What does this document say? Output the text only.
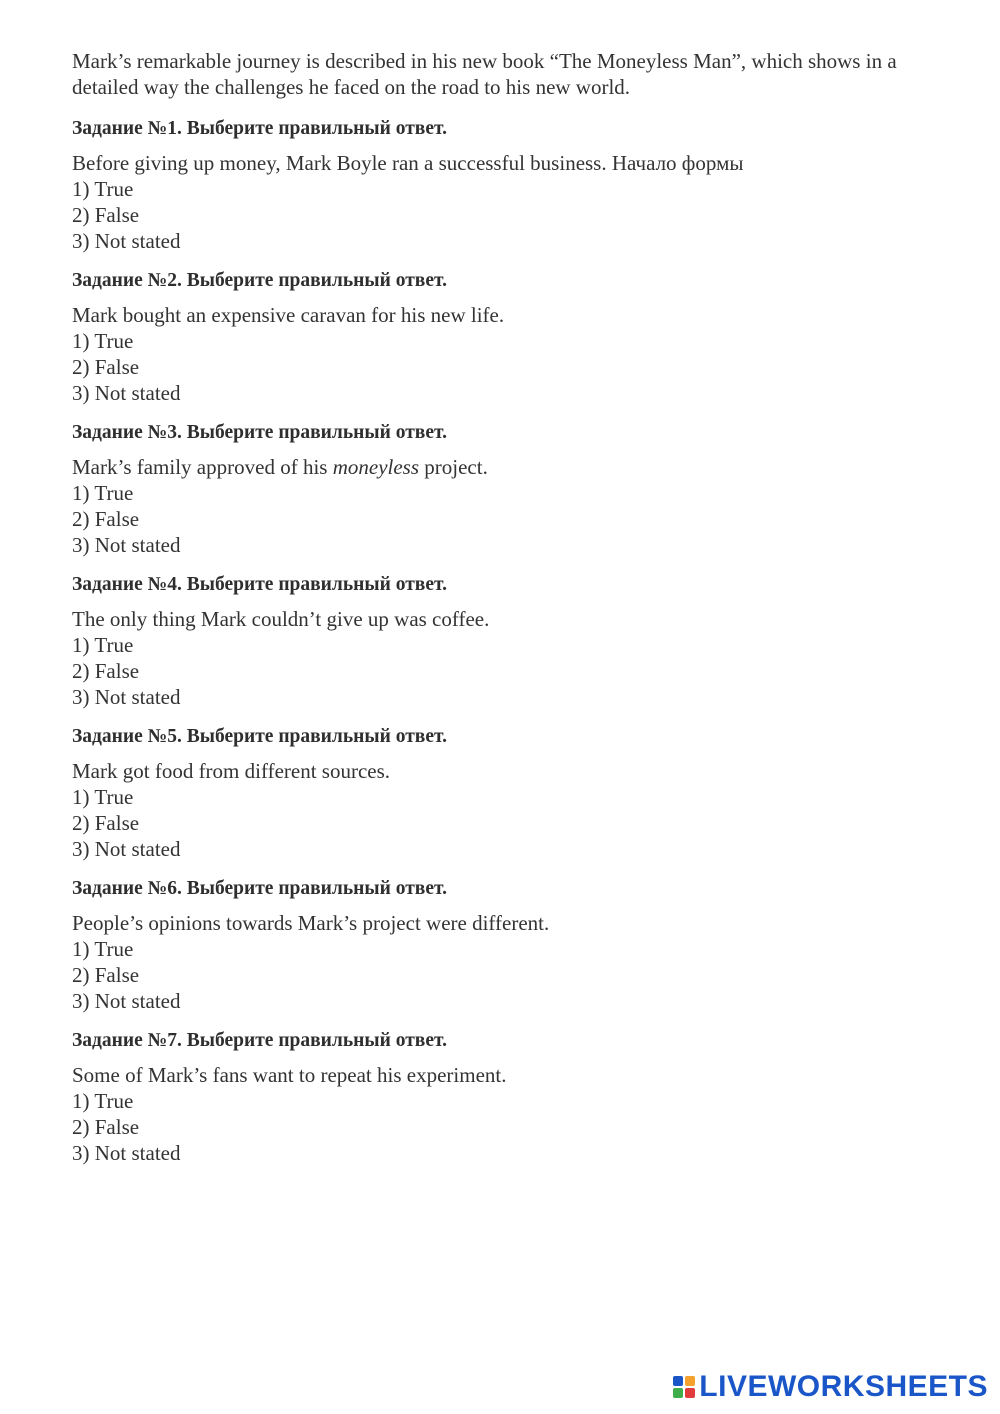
Mark’s remarkable journey is described in his new book “The Moneyless Man”, which shows in a detailed way the challenges he faced on the road to his new world.

Задание №1. Выберите правильный ответ.
Before giving up money, Mark Boyle ran a successful business. Начало формы
1) True
2) False
3) Not stated
Задание №2. Выберите правильный ответ.
Mark bought an expensive caravan for his new life.
1) True
2) False
3) Not stated
Задание №3. Выберите правильный ответ.
Mark’s family approved of his moneyless project.
1) True
2) False
3) Not stated
Задание №4. Выберите правильный ответ.
The only thing Mark couldn’t give up was coffee.
1) True
2) False
3) Not stated
Задание №5. Выберите правильный ответ.
Mark got food from different sources.
1) True
2) False
3) Not stated
Задание №6. Выберите правильный ответ.
People’s opinions towards Mark’s project were different.
1) True
2) False
3) Not stated
Задание №7. Выберите правильный ответ.
Some of Mark’s fans want to repeat his experiment.
1) True
2) False
3) Not stated
LIVEWORKSHEETS
